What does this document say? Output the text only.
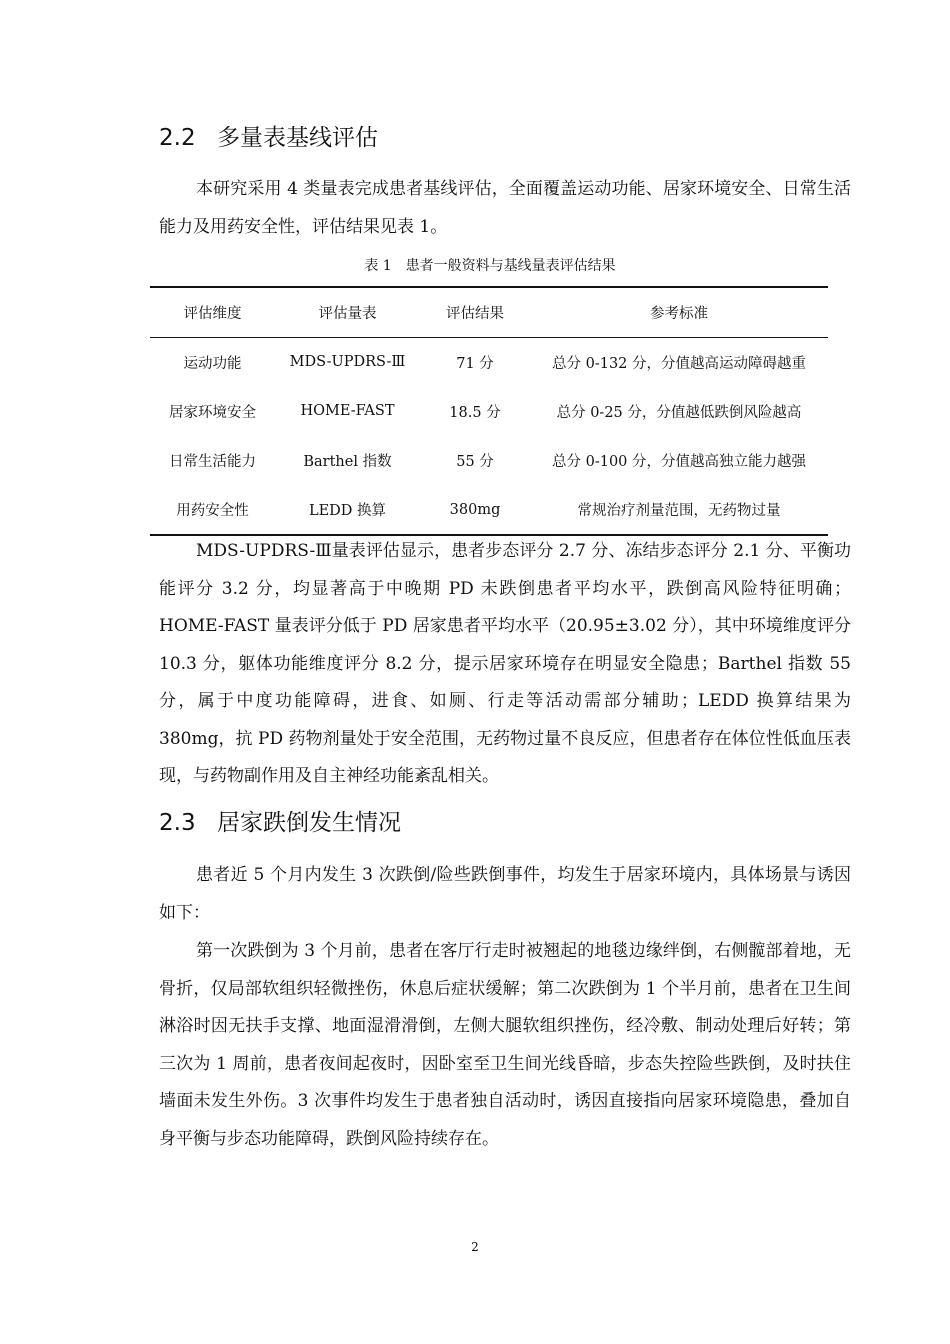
2.2 多量表基线评估

本研究采用 4 类量表完成患者基线评估，全面覆盖运动功能、居家环境安全、日常生活能力及用药安全性，评估结果见表 1。

表 1　患者一般资料与基线量表评估结果
评估维度	评估量表	评估结果	参考标准
运动功能	MDS-UPDRS-Ⅲ	71 分	总分 0-132 分，分值越高运动障碍越重
居家环境安全	HOME-FAST	18.5 分	总分 0-25 分，分值越低跌倒风险越高
日常生活能力	Barthel 指数	55 分	总分 0-100 分，分值越高独立能力越强
用药安全性	LEDD 换算	380mg	常规治疗剂量范围，无药物过量

MDS-UPDRS-Ⅲ量表评估显示，患者步态评分 2.7 分、冻结步态评分 2.1 分、平衡功能评分 3.2 分，均显著高于中晚期 PD 未跌倒患者平均水平，跌倒高风险特征明确；HOME-FAST 量表评分低于 PD 居家患者平均水平（20.95±3.02 分），其中环境维度评分 10.3 分，躯体功能维度评分 8.2 分，提示居家环境存在明显安全隐患；Barthel 指数 55 分，属于中度功能障碍，进食、如厕、行走等活动需部分辅助；LEDD 换算结果为 380mg，抗 PD 药物剂量处于安全范围，无药物过量不良反应，但患者存在体位性低血压表现，与药物副作用及自主神经功能紊乱相关。

2.3 居家跌倒发生情况

患者近 5 个月内发生 3 次跌倒/险些跌倒事件，均发生于居家环境内，具体场景与诱因如下：

第一次跌倒为 3 个月前，患者在客厅行走时被翘起的地毯边缘绊倒，右侧髋部着地，无骨折，仅局部软组织轻微挫伤，休息后症状缓解；第二次跌倒为 1 个半月前，患者在卫生间淋浴时因无扶手支撑、地面湿滑滑倒，左侧大腿软组织挫伤，经冷敷、制动处理后好转；第三次为 1 周前，患者夜间起夜时，因卧室至卫生间光线昏暗，步态失控险些跌倒，及时扶住墙面未发生外伤。3 次事件均发生于患者独自活动时，诱因直接指向居家环境隐患，叠加自身平衡与步态功能障碍，跌倒风险持续存在。

2
